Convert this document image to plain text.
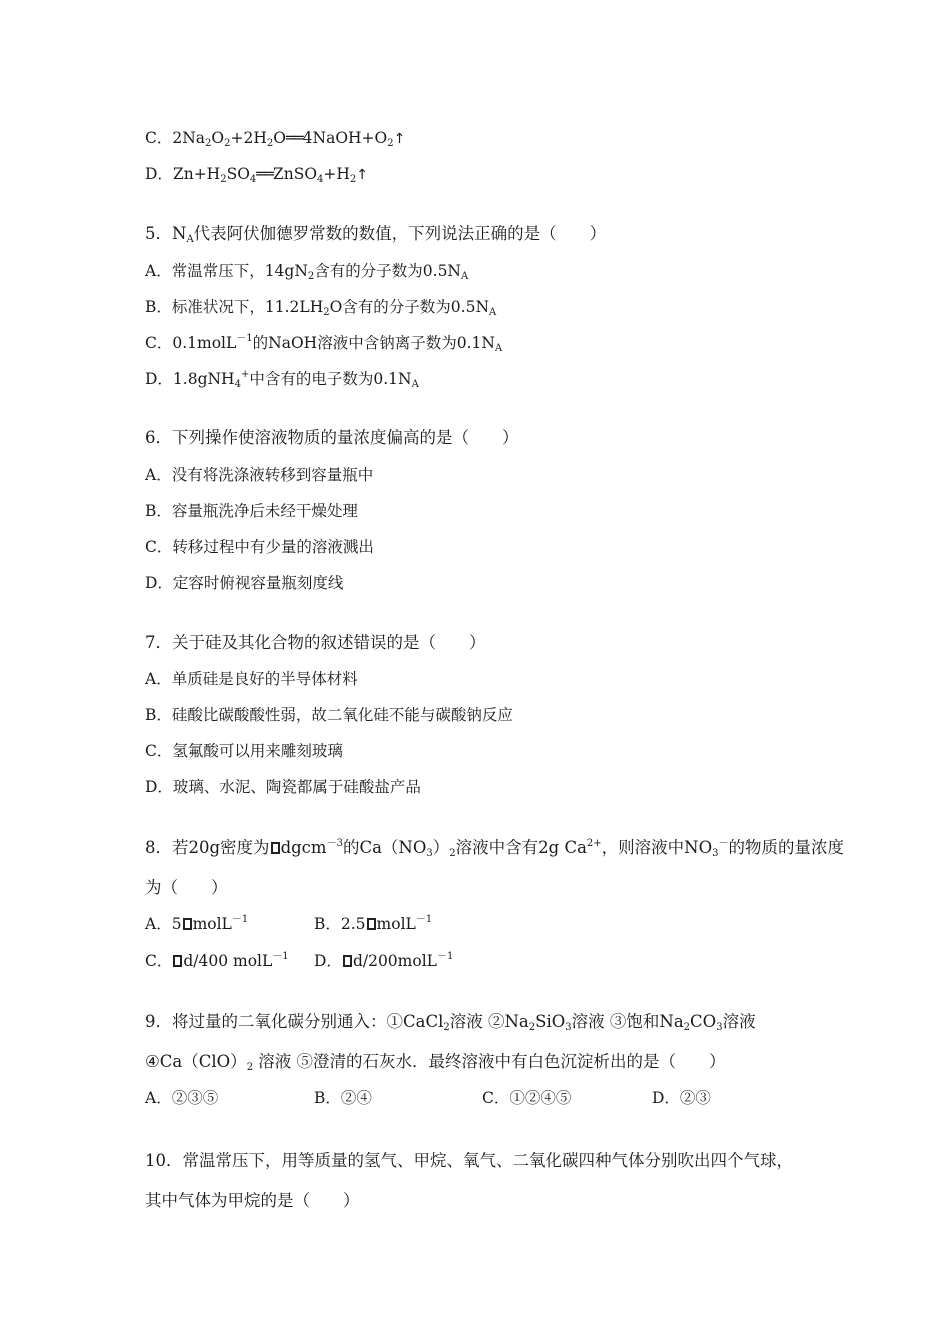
C．$2Na_2O_2+2H_2O══4NaOH+O_2↑$
D．$Zn+H_2SO_4══ZnSO_4+H_2↑$
5．$N_A$代表阿伏伽德罗常数的数值，下列说法正确的是（　　）
A．常温常压下，$14gN_2$含有的分子数为$0.5N_A$
B．标准状况下，$11.2LH_2O$含有的分子数为$0.5N_A$
C．0.1molL$^{-1}$的NaOH溶液中含钠离子数为$0.1N_A$
D．1.8gNH$_4$+中含有的电子数为$0.1N_A$
6．下列操作使溶液物质的量浓度偏高的是（　　）
A．没有将洗涤液转移到容量瓶中
B．容量瓶洗净后未经干燥处理
C．转移过程中有少量的溶液溅出
D．定容时俯视容量瓶刻度线
7．关于硅及其化合物的叙述错误的是（　　）
A．单质硅是良好的半导体材料
B．硅酸比碳酸酸性弱，故二氧化硅不能与碳酸钠反应
C．氢氟酸可以用来雕刻玻璃
D．玻璃、水泥、陶瓷都属于硅酸盐产品
8．若20g密度为 dgcm$^{-3}$的$Ca(NO_3)_2$溶液中含有2g $Ca^{2+}$，则溶液中$NO_3^-$的物质的量浓度
为（　　）
A．5 molL$^{-1}$	B．2.5 molL$^{-1}$
C． d/400 molL$^{-1}$ D． d/200molL$^{-1}$
9．将过量的二氧化碳分别通入：①CaCl$_2$溶液 $②Na_2SiO_3$溶液 ③饱和$Na_2CO_3$溶液
$④Ca(ClO)_2$ 溶液 ⑤澄清的石灰水．最终溶液中有白色沉淀析出的是（　　）
A．②③⑤	B．②④	C．①②④⑤	D．②③
10．常温常压下，用等质量的氢气、甲烷、氧气、二氧化碳四种气体分别吹出四个气球，
其中气体为甲烷的是（　　）
